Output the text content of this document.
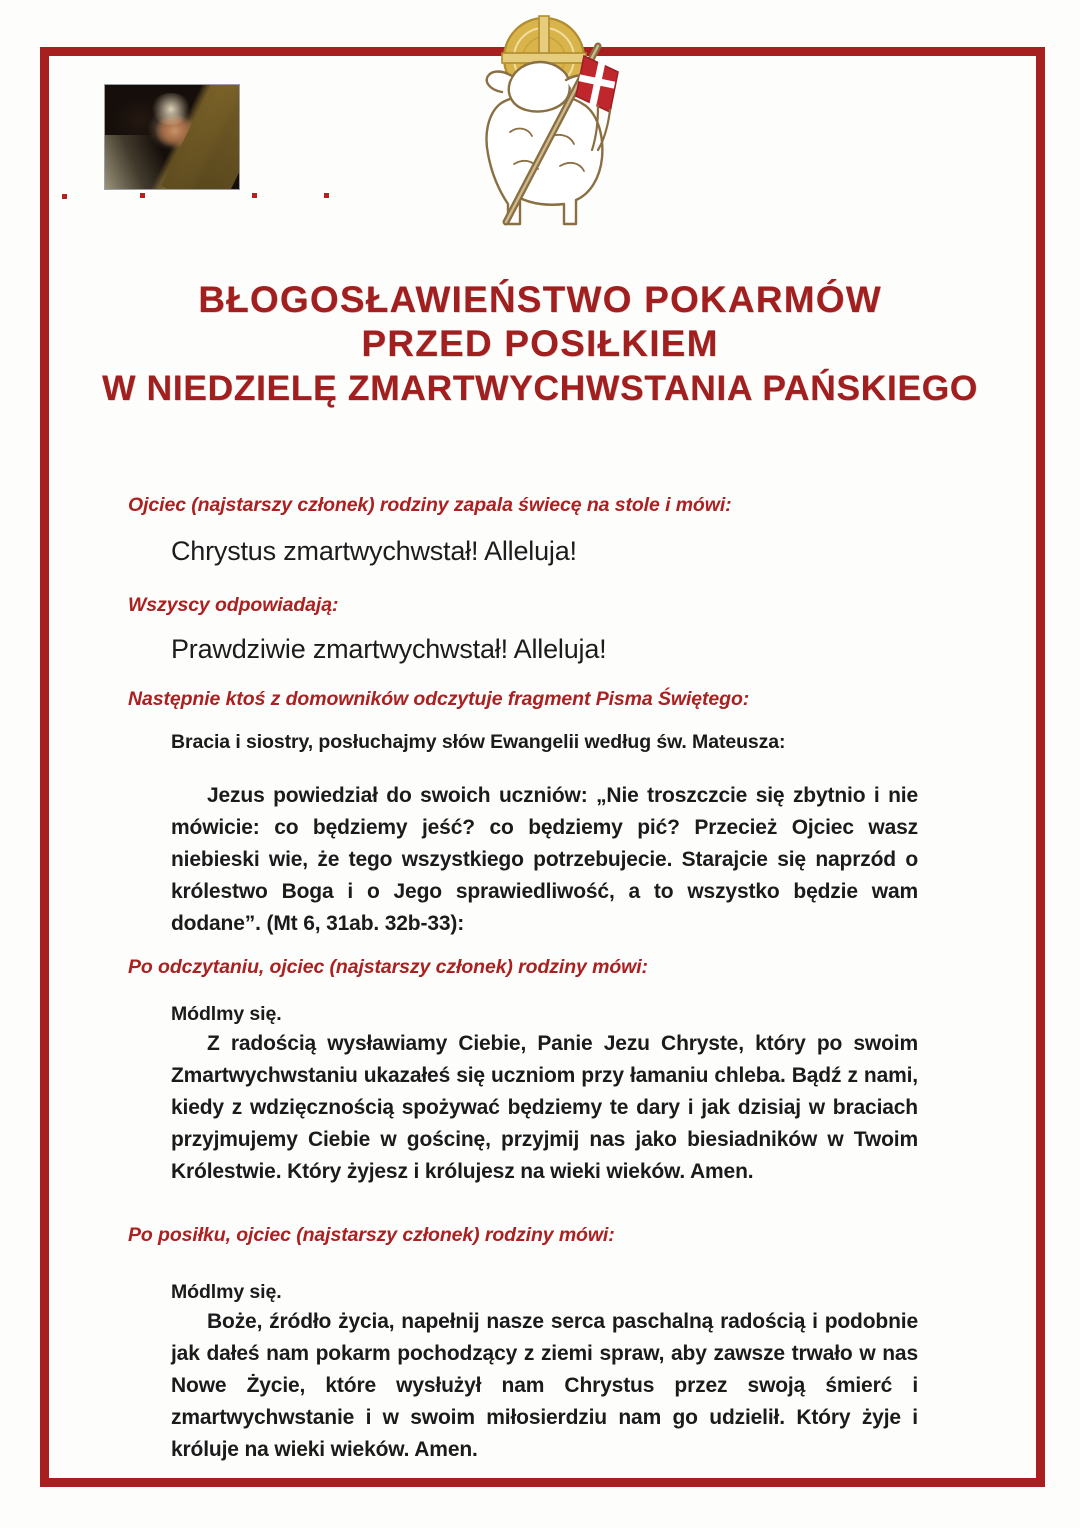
BŁOGOSŁAWIEŃSTWO POKARMÓW
PRZED POSIŁKIEM
W NIEDZIELĘ ZMARTWYCHWSTANIA PAŃSKIEGO

Ojciec (najstarszy członek) rodziny zapala świecę na stole i mówi:

Chrystus zmartwychwstał! Alleluja!

Wszyscy odpowiadają:

Prawdziwie zmartwychwstał! Alleluja!

Następnie ktoś z domowników odczytuje fragment Pisma Świętego:

Bracia i siostry, posłuchajmy słów Ewangelii według św. Mateusza:

Jezus powiedział do swoich uczniów: „Nie troszczcie się zbytnio i nie mówicie: co będziemy jeść? co będziemy pić? Przecież Ojciec wasz niebieski wie, że tego wszystkiego potrzebujecie. Starajcie się naprzód o królestwo Boga i o Jego sprawiedliwość, a to wszystko będzie wam dodane”. (Mt 6, 31ab. 32b-33):

Po odczytaniu, ojciec (najstarszy członek) rodziny mówi:

Módlmy się.

Z radością wysławiamy Ciebie, Panie Jezu Chryste, który po swoim Zmartwychwstaniu ukazałeś się uczniom przy łamaniu chleba. Bądź z nami, kiedy z wdzięcznością spożywać będziemy te dary i jak dzisiaj w braciach przyjmujemy Ciebie w gościnę, przyjmij nas jako biesiadników w Twoim Królestwie. Który żyjesz i królujesz na wieki wieków. Amen.

Po posiłku, ojciec (najstarszy członek) rodziny mówi:

Módlmy się.

Boże, źródło życia, napełnij nasze serca paschalną radością i podobnie jak dałeś nam pokarm pochodzący z ziemi spraw, aby zawsze trwało w nas Nowe Życie, które wysłużył nam Chrystus przez swoją śmierć i zmartwychwstanie i w swoim miłosierdziu nam go udzielił. Który żyje i króluje na wieki wieków. Amen.
